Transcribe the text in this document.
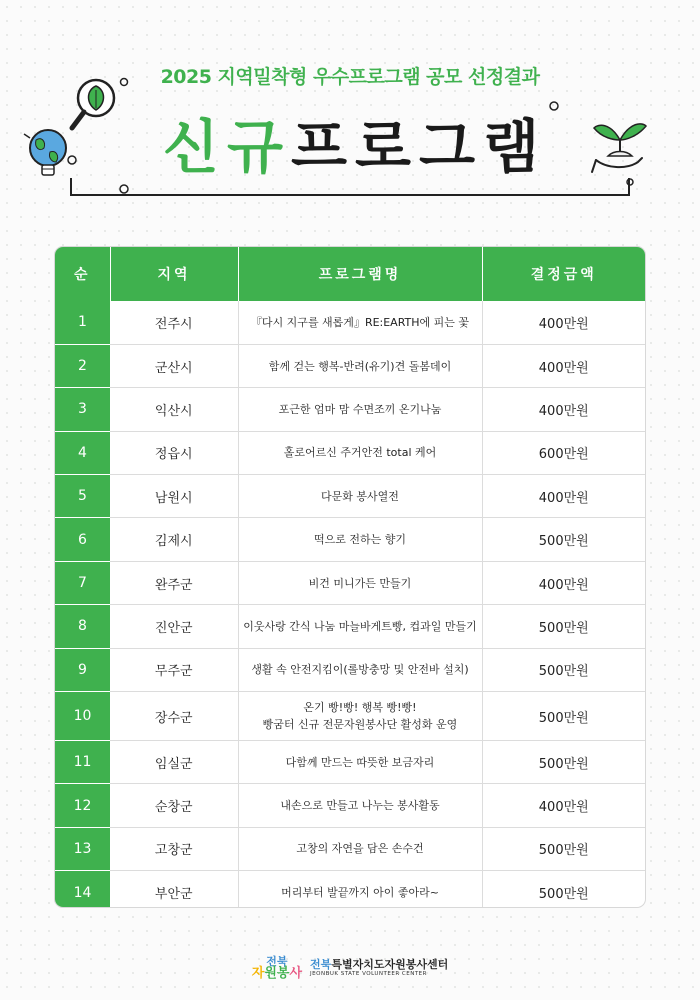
2025 지역밀착형 우수프로그램 공모 선정결과
신 규 프 로 그 램
순	지역	프로그램명	결정금액
1	전주시	『다시 지구를 새롭게』RE:EARTH에 피는 꽃	400만원
2	군산시	함께 걷는 행복-반려(유기)견 돌봄데이	400만원
3	익산시	포근한 엄마 맘 수면조끼 온기나눔	400만원
4	정읍시	홀로어르신 주거안전 total 케어	600만원
5	남원시	다문화 봉사열전	400만원
6	김제시	떡으로 전하는 향기	500만원
7	완주군	비건 미니가든 만들기	400만원
8	진안군	이웃사랑 간식 나눔 마늘바게트빵, 컵과일 만들기	500만원
9	무주군	생활 속 안전지킴이(롤방충망 및 안전바 설치)	500만원
10	장수군	온기 빵!빵! 행복 빵!빵!
빵굼터 신규 전문자원봉사단 활성화 운영	500만원
11	임실군	다함께 만드는 따뜻한 보금자리	500만원
12	순창군	내손으로 만들고 나누는 봉사활동	400만원
13	고창군	고창의 자연을 담은 손수건	500만원
14	부안군	머리부터 발끝까지 아이 좋아라~	500만원
전북
자원봉사
전북특별자치도자원봉사센터
JEONBUK STATE VOLUNTEER CENTER
